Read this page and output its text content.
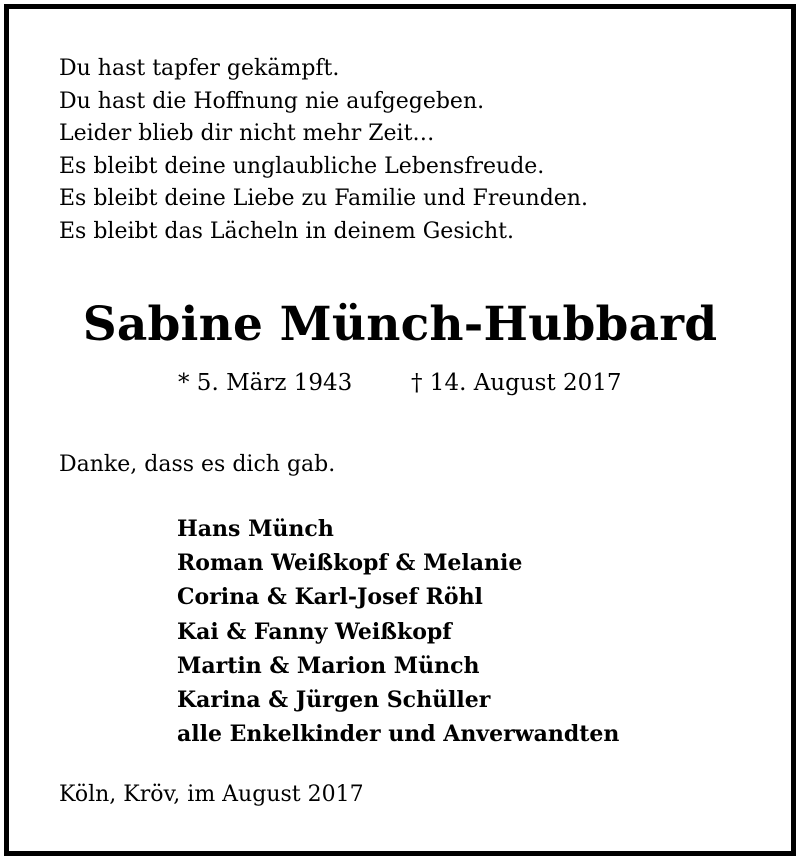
Du hast tapfer gekämpft.
Du hast die Hoffnung nie aufgegeben.
Leider blieb dir nicht mehr Zeit…
Es bleibt deine unglaubliche Lebensfreude.
Es bleibt deine Liebe zu Familie und Freunden.
Es bleibt das Lächeln in deinem Gesicht.
Sabine Münch-Hubbard
* 5. März 1943	† 14. August 2017
Danke, dass es dich gab.
Hans Münch
Roman Weißkopf & Melanie
Corina & Karl-Josef Röhl
Kai & Fanny Weißkopf
Martin & Marion Münch
Karina & Jürgen Schüller
alle Enkelkinder und Anverwandten
Köln, Kröv, im August 2017
